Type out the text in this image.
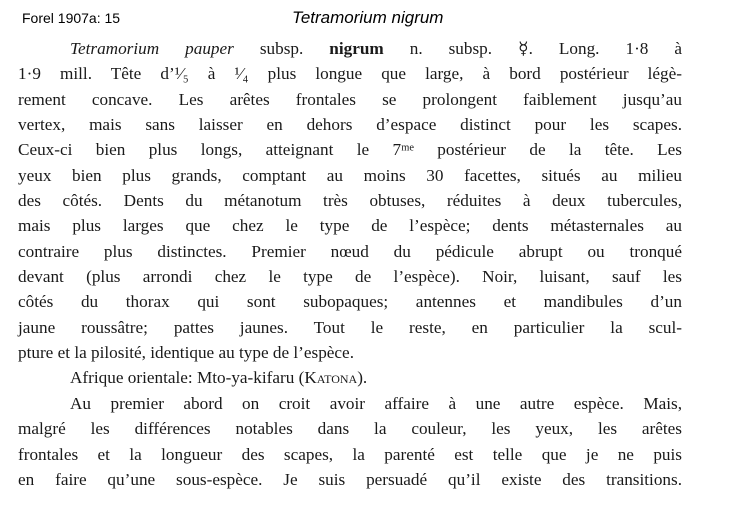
Forel 1907a: 15	Tetramorium nigrum
Tetramorium pauper subsp. nigrum n. subsp. ☿. Long. 1·8 à
1·9 mill. Tête d’¹⁄₅ à ¹⁄₄ plus longue que large, à bord postérieur légè-
rement concave. Les arêtes frontales se prolongent faiblement jusqu’au
vertex, mais sans laisser en dehors d’espace distinct pour les scapes.
Ceux-ci bien plus longs, atteignant le 7ᵐᵉ postérieur de la tête. Les
yeux bien plus grands, comptant au moins 30 facettes, situés au milieu
des côtés. Dents du métanotum très obtuses, réduites à deux tubercules,
mais plus larges que chez le type de l’espèce; dents métasternales au
contraire plus distinctes. Premier nœud du pédicule abrupt ou tronqué
devant (plus arrondi chez le type de l’espèce). Noir, luisant, sauf les
côtés du thorax qui sont subopaques; antennes et mandibules d’un
jaune roussâtre; pattes jaunes. Tout le reste, en particulier la scul-
pture et la pilosité, identique au type de l’espèce.
Afrique orientale: Mto-ya-kifaru (Katona).
Au premier abord on croit avoir affaire à une autre espèce. Mais,
malgré les différences notables dans la couleur, les yeux, les arêtes
frontales et la longueur des scapes, la parenté est telle que je ne puis
en faire qu’une sous-espèce. Je suis persuadé qu’il existe des transitions.
